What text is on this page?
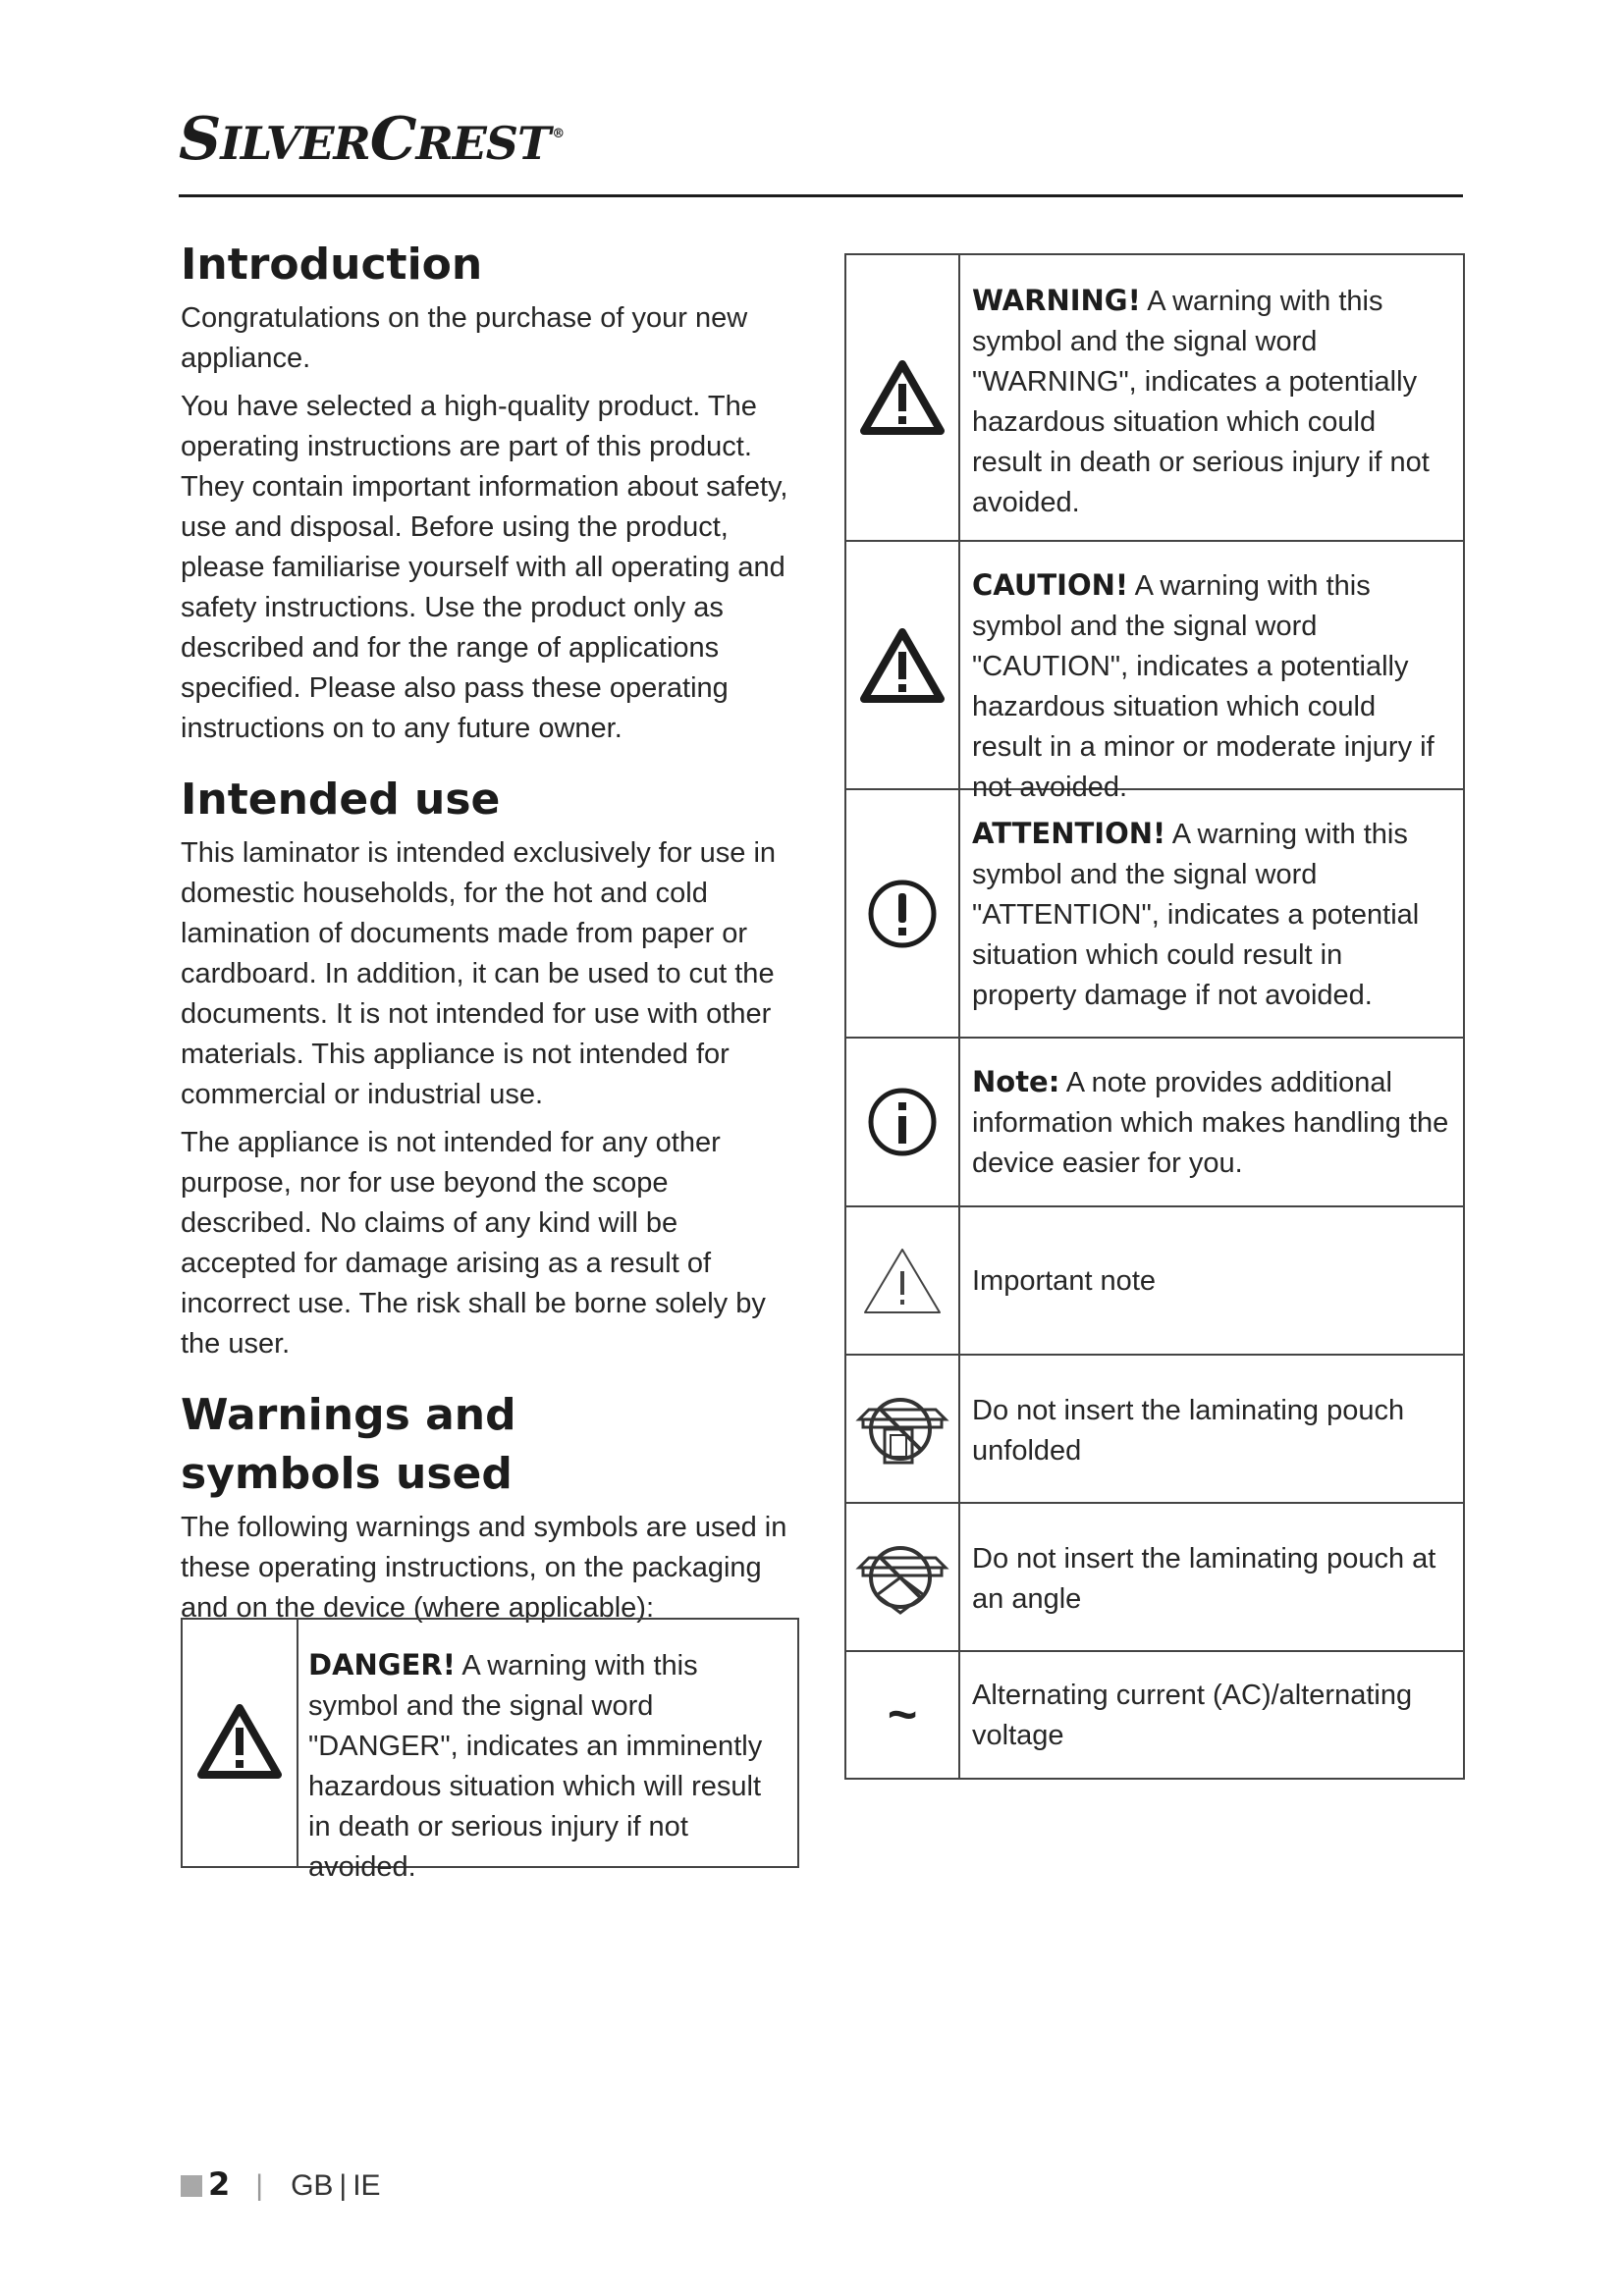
SILVERCREST ®
Introduction

Congratulations on the purchase of your new appliance.

You have selected a high-quality product. The operating instructions are part of this product. They contain important information about safety, use and disposal. Before using the product, please familiarise yourself with all operating and safety instructions. Use the product only as described and for the range of applications specified. Please also pass these operating instructions on to any future owner.

Intended use

This laminator is intended exclusively for use in domestic households, for the hot and cold lamination of documents made from paper or cardboard. In addition, it can be used to cut the documents. It is not intended for use with other materials. This appliance is not intended for commercial or industrial use.

The appliance is not intended for any other purpose, nor for use beyond the scope described. No claims of any kind will be accepted for damage arising as a result of incorrect use. The risk shall be borne solely by the user.

Warnings and symbols used

The following warnings and symbols are used in these operating instructions, on the packaging and on the device (where applicable):

DANGER! A warning with this symbol and the signal word "DANGER", indicates an imminently hazardous situation which will result in death or serious injury if not avoided.

WARNING! A warning with this symbol and the signal word "WARNING", indicates a potentially hazardous situation which could result in death or serious injury if not avoided.

CAUTION! A warning with this symbol and the signal word "CAUTION", indicates a potentially hazardous situation which could result in a minor or moderate injury if not avoided.

ATTENTION! A warning with this symbol and the signal word "ATTENTION", indicates a potential situation which could result in property damage if not avoided.

Note: A note provides additional information which makes handling the device easier for you.

Important note

Do not insert the laminating pouch unfolded

Do not insert the laminating pouch at an angle

~ Alternating current (AC)/alternating voltage

2 | GB | IE
